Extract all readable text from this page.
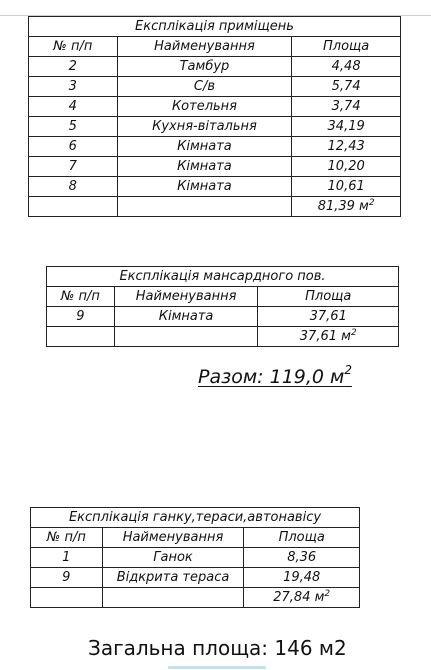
Експлікація приміщень		
№ п/п	Найменування	Площа
2	Тамбур	4,48
3	С/в	5,74
4	Котельня	3,74
5	Кухня-вітальня	34,19
6	Кімната	12,43
7	Кімната	10,20
8	Кімната	10,61
		81,39 $м^2$
Експлікація мансардного пов.		
№ п/п	Найменування	Площа
9	Кімната	37,61
		37,61 $м^2$
Разом: 119,0 $м^2$
Експлікація ганку,тераси,автонавісу		
№ п/п	Найменування	Площа
1	Ганок	8,36
9	Відкрита тераса	19,48
		27,84 $м^2$
Загальна площа: 146 м2
